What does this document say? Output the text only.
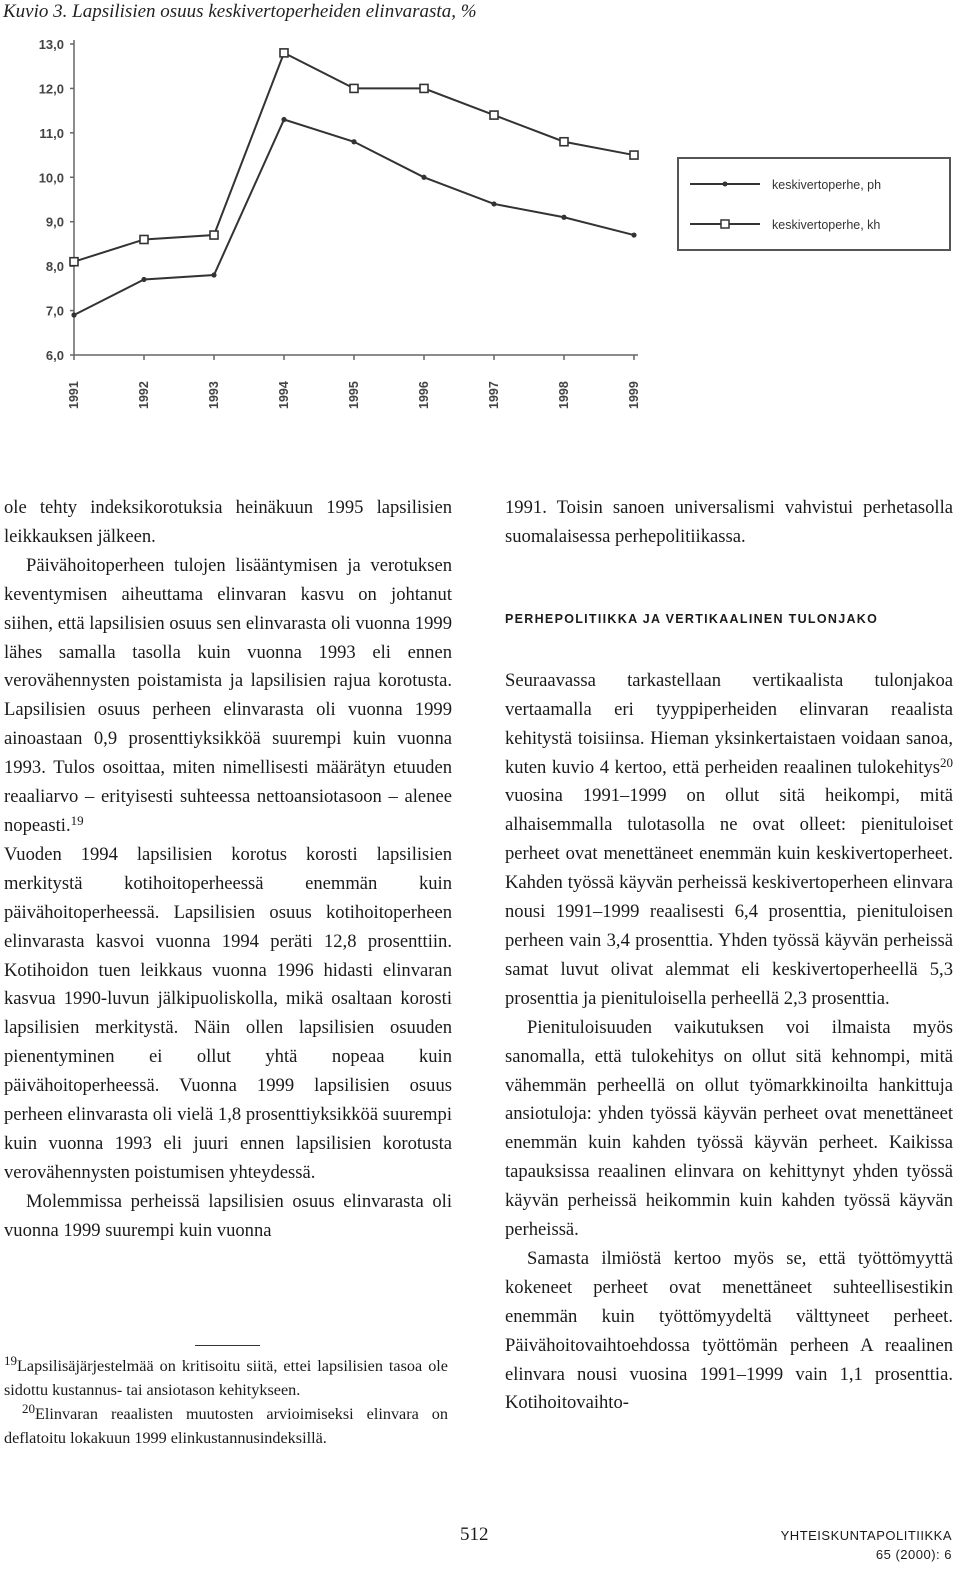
Kuvio 3. Lapsilisien osuus keskivertoperheiden elinvarasta, %
6,0
7,0
8,0
9,0
10,0
11,0
12,0
13,0
1991	1992	1993	1994	1995	1996	1997	1998	1999
keskivertoperhe, ph
keskivertoperhe, kh

ole tehty indeksikorotuksia heinäkuun 1995 lapsilisien leikkauksen jälkeen.

Päivähoitoperheen tulojen lisääntymisen ja verotuksen keventymisen aiheuttama elinvaran kasvu on johtanut siihen, että lapsilisien osuus sen elinvarasta oli vuonna 1999 lähes samalla tasolla kuin vuonna 1993 eli ennen verovähennysten poistamista ja lapsilisien rajua korotusta. Lapsilisien osuus perheen elinvarasta oli vuonna 1999 ainoastaan 0,9 prosenttiyksikköä suurempi kuin vuonna 1993. Tulos osoittaa, miten nimellisesti määrätyn etuuden reaaliarvo – erityisesti suhteessa nettoansiotasoon – alenee nopeasti.$^{19}$

Vuoden 1994 lapsilisien korotus korosti lapsilisien merkitystä kotihoitoperheessä enemmän kuin päivähoitoperheessä. Lapsilisien osuus kotihoitoperheen elinvarasta kasvoi vuonna 1994 peräti 12,8 prosenttiin. Kotihoidon tuen leikkaus vuonna 1996 hidasti elinvaran kasvua 1990-luvun jälkipuoliskolla, mikä osaltaan korosti lapsilisien merkitystä. Näin ollen lapsilisien osuuden pienentyminen ei ollut yhtä nopeaa kuin päivähoitoperheessä. Vuonna 1999 lapsilisien osuus perheen elinvarasta oli vielä 1,8 prosenttiyksikköä suurempi kuin vuonna 1993 eli juuri ennen lapsilisien korotusta verovähennysten poistumisen yhteydessä.

Molemmissa perheissä lapsilisien osuus elinvarasta oli vuonna 1999 suurempi kuin vuonna

1991. Toisin sanoen universalismi vahvistui perhetasolla suomalaisessa perhepolitiikassa.

PERHEPOLITIIKKA JA VERTIKAALINEN TULONJAKO

Seuraavassa tarkastellaan vertikaalista tulonjakoa vertaamalla eri tyyppiperheiden elinvaran reaalista kehitystä toisiinsa. Hieman yksinkertaistaen voidaan sanoa, kuten kuvio 4 kertoo, että perheiden reaalinen tulokehitys$^{20}$ vuosina 1991–1999 on ollut sitä heikompi, mitä alhaisemmalla tulotasolla ne ovat olleet: pienituloiset perheet ovat menettäneet enemmän kuin keskivertoperheet. Kahden työssä käyvän perheissä keskivertoperheen elinvara nousi 1991–1999 reaalisesti 6,4 prosenttia, pienituloisen perheen vain 3,4 prosenttia. Yhden työssä käyvän perheissä samat luvut olivat alemmat eli keskivertoperheellä 5,3 prosenttia ja pienituloisella perheellä 2,3 prosenttia.

Pienituloisuuden vaikutuksen voi ilmaista myös sanomalla, että tulokehitys on ollut sitä kehnompi, mitä vähemmän perheellä on ollut työmarkkinoilta hankittuja ansiotuloja: yhden työssä käyvän perheet ovat menettäneet enemmän kuin kahden työssä käyvän perheet. Kaikissa tapauksissa reaalinen elinvara on kehittynyt yhden työssä käyvän perheissä heikommin kuin kahden työssä käyvän perheissä.

Samasta ilmiöstä kertoo myös se, että työttömyyttä kokeneet perheet ovat menettäneet suhteellisestikin enemmän kuin työttömyydeltä välttyneet perheet. Päivähoitovaihtoehdossa työttömän perheen A reaalinen elinvara nousi vuosina 1991–1999 vain 1,1 prosenttia. Kotihoitovaihto-

$^{19}$Lapsilisäjärjestelmää on kritisoitu siitä, ettei lapsilisien tasoa ole sidottu kustannus- tai ansiotason kehitykseen.

$^{20}$Elinvaran reaalisten muutosten arvioimiseksi elinvara on deflatoitu lokakuun 1999 elinkustannusindeksillä.

512	YHTEISKUNTAPOLITIIKKA
65 (2000): 6
